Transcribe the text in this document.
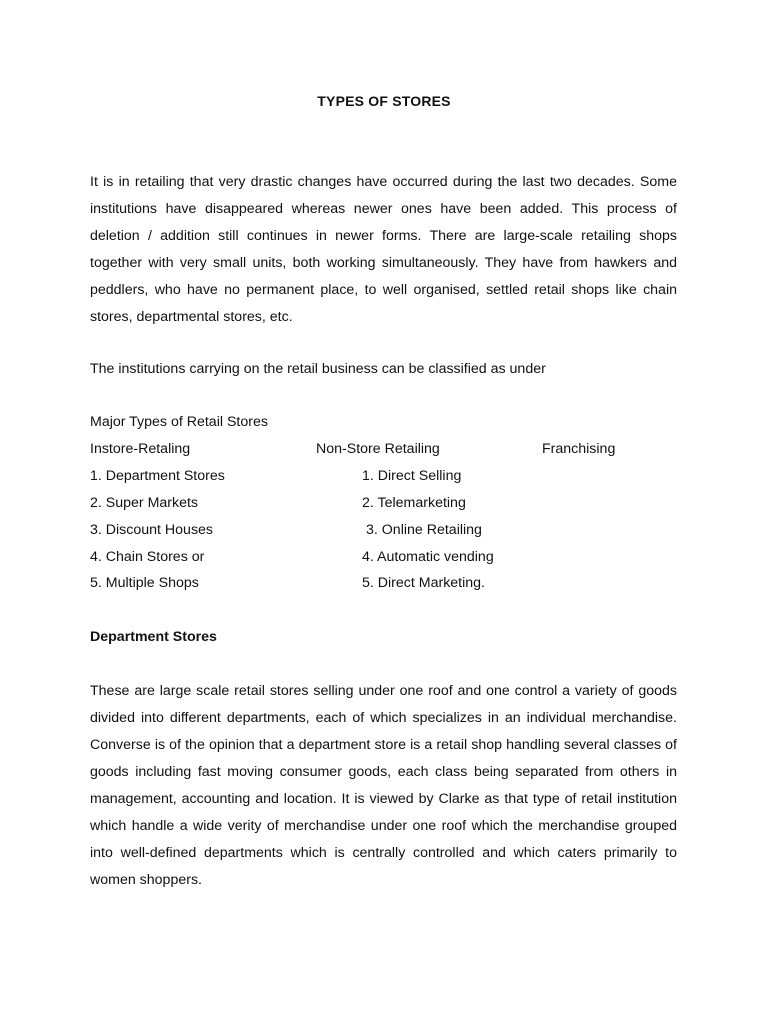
TYPES OF STORES
It is in retailing that very drastic changes have occurred during the last two decades. Some institutions have disappeared whereas newer ones have been added. This process of deletion / addition still continues in newer forms. There are large-scale retailing shops together with very small units, both working simultaneously. They have from hawkers and peddlers, who have no permanent place, to well organised, settled retail shops like chain stores, departmental stores, etc.
The institutions carrying on the retail business can be classified as under
Major Types of Retail Stores
Instore-Retaling	Non-Store Retailing	Franchising
1. Department Stores
2. Super Markets
3. Discount Houses
4. Chain Stores or
5. Multiple Shops
1. Direct Selling
2. Telemarketing
3. Online Retailing
4. Automatic vending
5. Direct Marketing.
Department Stores
These are large scale retail stores selling under one roof and one control a variety of goods divided into different departments, each of which specializes in an individual merchandise. Converse is of the opinion that a department store is a retail shop handling several classes of goods including fast moving consumer goods, each class being separated from others in management, accounting and location. It is viewed by Clarke as that type of retail institution which handle a wide verity of merchandise under one roof which the merchandise grouped into well-defined departments which is centrally controlled and which caters primarily to women shoppers.
